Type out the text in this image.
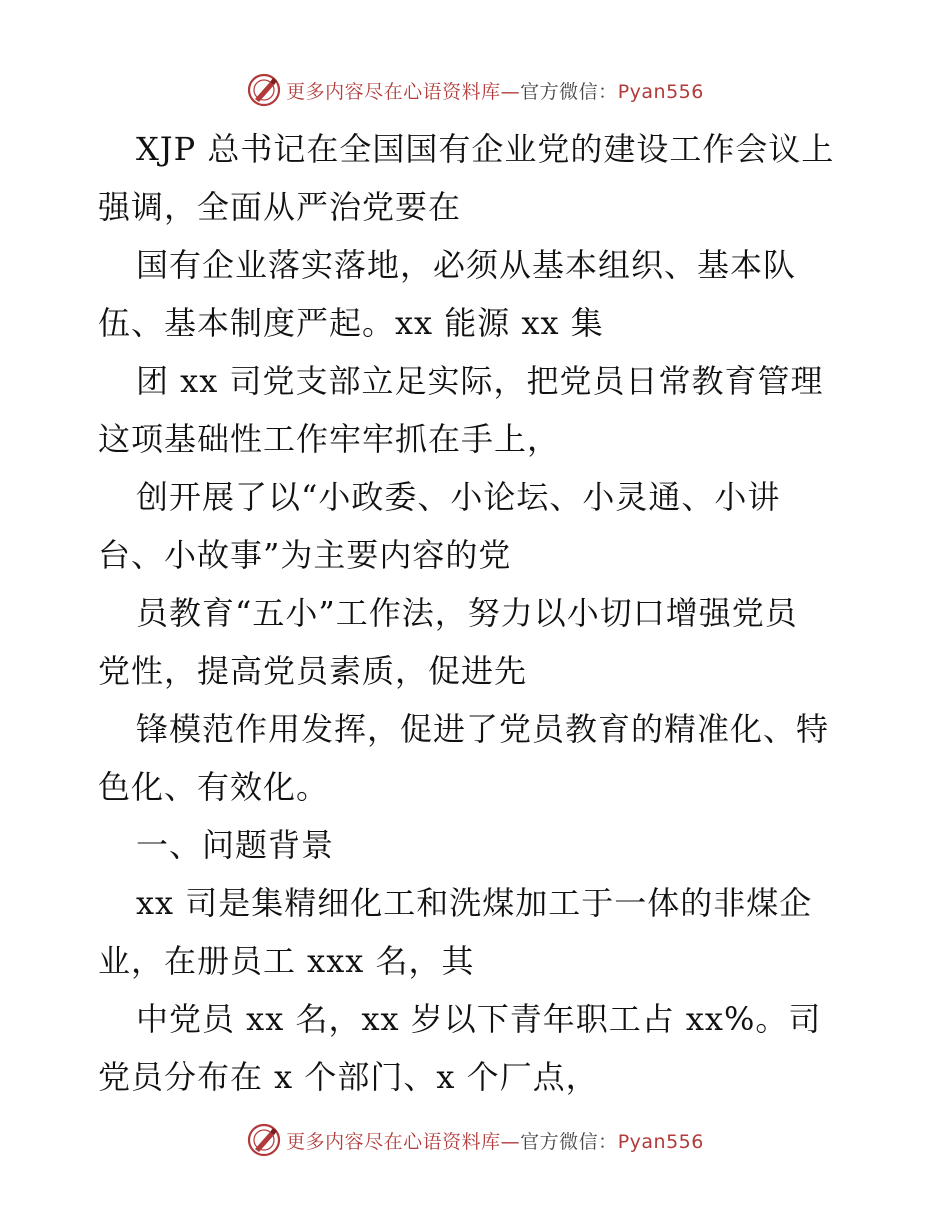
更多内容尽在心语资料库—官方微信：Pyan556
XJP 总书记在全国国有企业党的建设工作会议上
强调，全面从严治党要在
国有企业落实落地，必须从基本组织、基本队
伍、基本制度严起。xx 能源 xx 集
团 xx 司党支部立足实际，把党员日常教育管理
这项基础性工作牢牢抓在手上，
创开展了以“小政委、小论坛、小灵通、小讲
台、小故事”为主要内容的党
员教育“五小”工作法，努力以小切口增强党员
党性，提高党员素质，促进先
锋模范作用发挥，促进了党员教育的精准化、特
色化、有效化。
一、问题背景
xx 司是集精细化工和洗煤加工于一体的非煤企
业，在册员工 xxx 名，其
中党员 xx 名，xx 岁以下青年职工占 xx%。司
党员分布在 x 个部门、x 个厂点，
更多内容尽在心语资料库—官方微信：Pyan556
